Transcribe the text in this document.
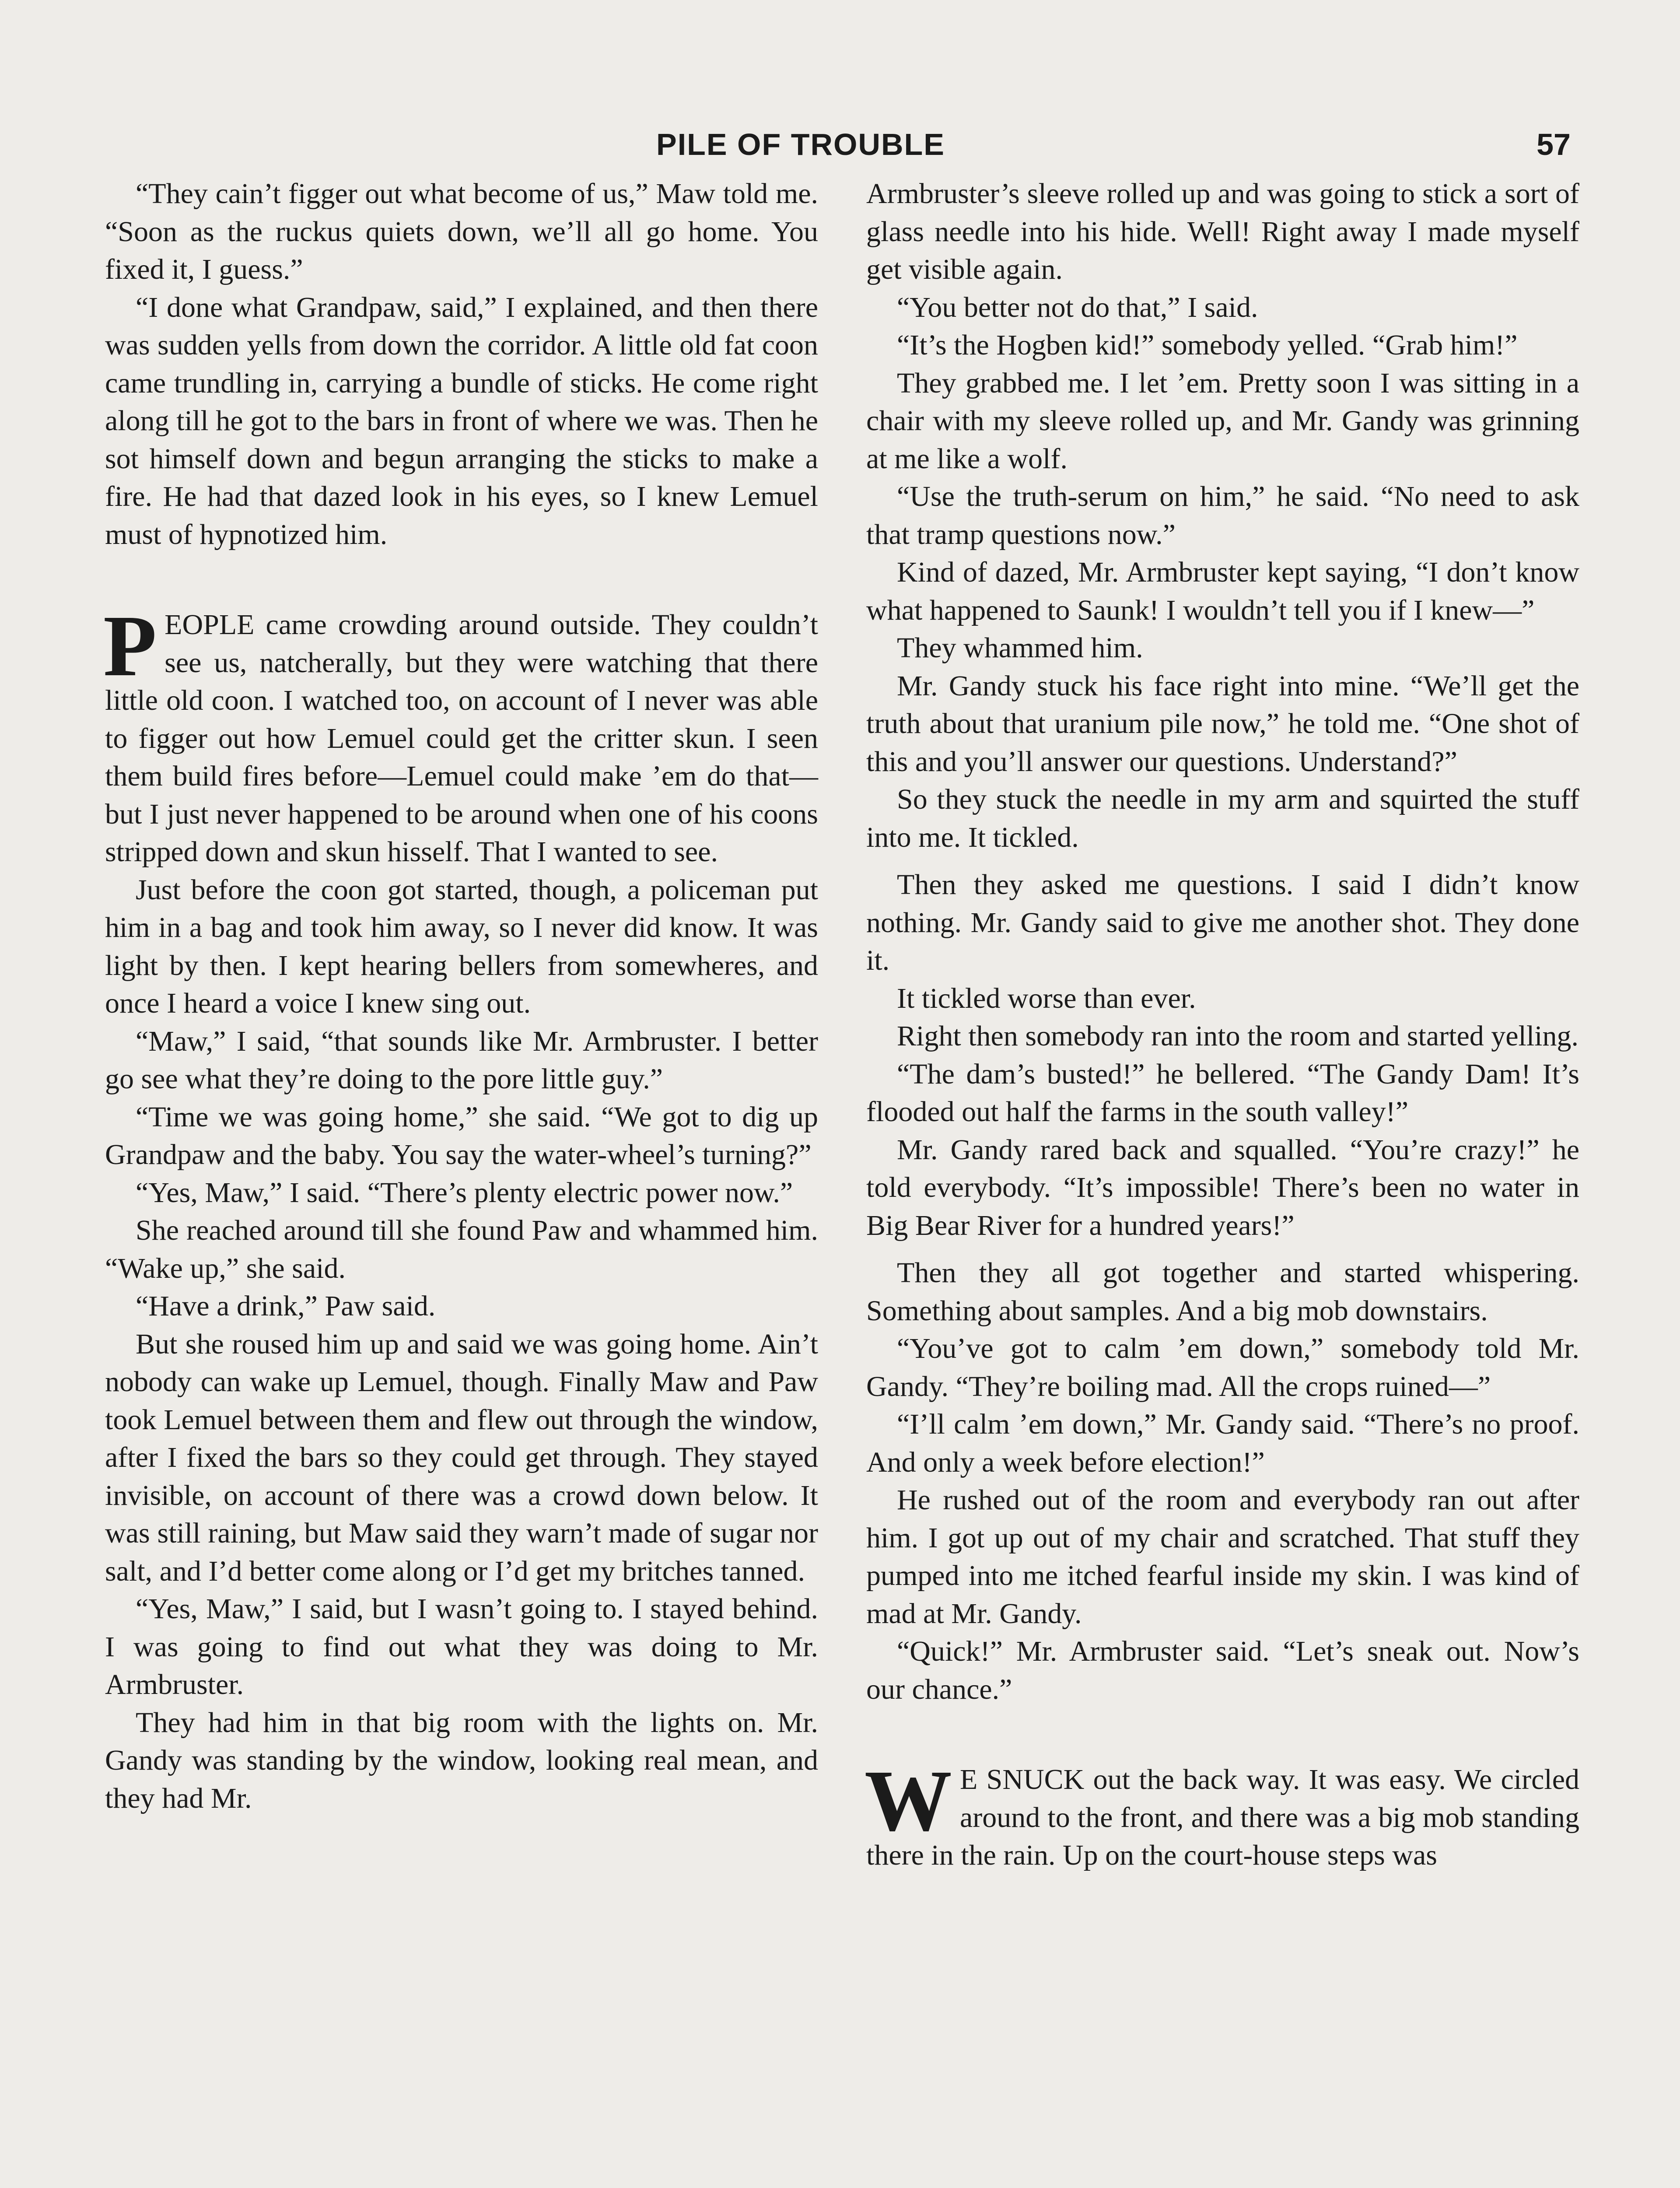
PILE OF TROUBLE	57

“They cain’t figger out what become of us,” Maw told me. “Soon as the ruckus quiets down, we’ll all go home. You fixed it, I guess.”

“I done what Grandpaw, said,” I explained, and then there was sudden yells from down the corridor. A little old fat coon came trundling in, carrying a bundle of sticks. He come right along till he got to the bars in front of where we was. Then he sot himself down and begun arranging the sticks to make a fire. He had that dazed look in his eyes, so I knew Lemuel must of hypnotized him.

PEOPLE came crowding around outside. They couldn’t see us, natcherally, but they were watching that there little old coon. I watched too, on account of I never was able to figger out how Lemuel could get the critter skun. I seen them build fires before—Lemuel could make ’em do that—but I just never happened to be around when one of his coons stripped down and skun hisself. That I wanted to see.

Just before the coon got started, though, a policeman put him in a bag and took him away, so I never did know. It was light by then. I kept hearing bellers from somewheres, and once I heard a voice I knew sing out.

“Maw,” I said, “that sounds like Mr. Armbruster. I better go see what they’re doing to the pore little guy.”

“Time we was going home,” she said. “We got to dig up Grandpaw and the baby. You say the water-wheel’s turning?”

“Yes, Maw,” I said. “There’s plenty electric power now.”

She reached around till she found Paw and whammed him. “Wake up,” she said.

“Have a drink,” Paw said.

But she roused him up and said we was going home. Ain’t nobody can wake up Lemuel, though. Finally Maw and Paw took Lemuel between them and flew out through the window, after I fixed the bars so they could get through. They stayed invisible, on account of there was a crowd down below. It was still raining, but Maw said they warn’t made of sugar nor salt, and I’d better come along or I’d get my britches tanned.

“Yes, Maw,” I said, but I wasn’t going to. I stayed behind. I was going to find out what they was doing to Mr. Armbruster.

They had him in that big room with the lights on. Mr. Gandy was standing by the window, looking real mean, and they had Mr.

Armbruster’s sleeve rolled up and was going to stick a sort of glass needle into his hide. Well! Right away I made myself get visible again.

“You better not do that,” I said.

“It’s the Hogben kid!” somebody yelled. “Grab him!”

They grabbed me. I let ’em. Pretty soon I was sitting in a chair with my sleeve rolled up, and Mr. Gandy was grinning at me like a wolf.

“Use the truth-serum on him,” he said. “No need to ask that tramp questions now.”

Kind of dazed, Mr. Armbruster kept saying, “I don’t know what happened to Saunk! I wouldn’t tell you if I knew—”

They whammed him.

Mr. Gandy stuck his face right into mine. “We’ll get the truth about that uranium pile now,” he told me. “One shot of this and you’ll answer our questions. Understand?”

So they stuck the needle in my arm and squirted the stuff into me. It tickled.

Then they asked me questions. I said I didn’t know nothing. Mr. Gandy said to give me another shot. They done it.

It tickled worse than ever.

Right then somebody ran into the room and started yelling.

“The dam’s busted!” he bellered. “The Gandy Dam! It’s flooded out half the farms in the south valley!”

Mr. Gandy rared back and squalled. “You’re crazy!” he told everybody. “It’s impossible! There’s been no water in Big Bear River for a hundred years!”

Then they all got together and started whispering. Something about samples. And a big mob downstairs.

“You’ve got to calm ’em down,” somebody told Mr. Gandy. “They’re boiling mad. All the crops ruined—”

“I’ll calm ’em down,” Mr. Gandy said. “There’s no proof. And only a week before election!”

He rushed out of the room and everybody ran out after him. I got up out of my chair and scratched. That stuff they pumped into me itched fearful inside my skin. I was kind of mad at Mr. Gandy.

“Quick!” Mr. Armbruster said. “Let’s sneak out. Now’s our chance.”

W E SNUCK out the back way. It was easy. We circled around to the front, and there was a big mob standing there in the rain. Up on the court-house steps was
